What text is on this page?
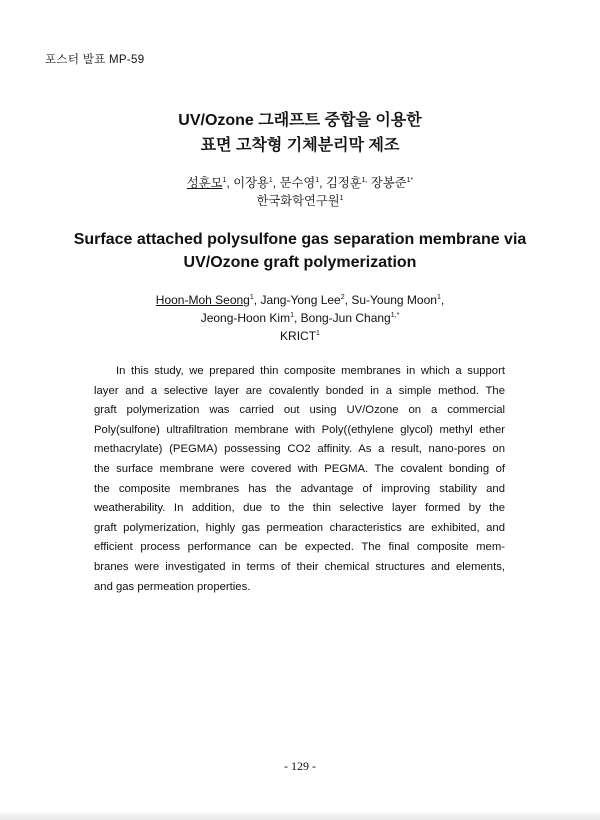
포스터 발표 MP-59
UV/Ozone 그래프트 중합을 이용한
표면 고착형 기체분리막 제조
성훈모$^1$, 이장용$^1$, 문수영$^1$, 김정훈$^{1,}$ 장봉준$^{1*}$
한국화학연구원$^1$
Surface attached polysulfone gas separation membrane via
UV/Ozone graft polymerization
Hoon-Moh Seong$^1$, Jang-Yong Lee$^2$, Su-Young Moon$^1$,
Jeong-Hoon Kim$^1$, Bong-Jun Chang$^{1,*}$
KRICT$^1$
In this study, we prepared thin composite membranes in which a support
layer and a selective layer are covalently bonded in a simple method. The
graft polymerization was carried out using UV/Ozone on a commercial
Poly(sulfone) ultrafiltration membrane with Poly((ethylene glycol) methyl ether
methacrylate) (PEGMA) possessing CO2 affinity. As a result, nano-pores on
the surface membrane were covered with PEGMA. The covalent bonding of
the composite membranes has the advantage of improving stability and
weatherability. In addition, due to the thin selective layer formed by the
graft polymerization, highly gas permeation characteristics are exhibited, and
efficient process performance can be expected. The final composite mem-
branes were investigated in terms of their chemical structures and elements,
and gas permeation properties.
- 129 -
